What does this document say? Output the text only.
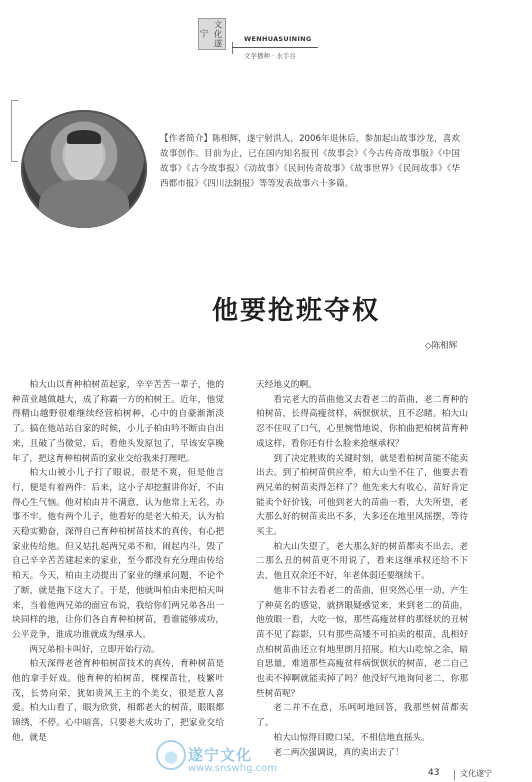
文化遂宁
WENHUASUINING
文学播种 · 水手谷
【作者简介】陈相辉，遂宁射洪人，2006年退休后，参加起山故事沙龙，喜欢故事创作。目前为止，已在国内知名报刊《故事会》《今古传奇故事版》《中国故事》《古今故事报》《动故事》《民间传奇故事》《故事世界》《民间故事》《华西都市报》《四川法制报》等等发表故事六十多篇。
他要抢班夺权
◇陈相辉

柏大山以育种柏树苗起家，辛辛苦苦一辈子，他的种苗业越做越大，成了称霸一方的柏树王。近年，他觉得精山越野很难继续经营柏树种，心中的自豪渐渐淡了。搞在他站站自家的时候，小儿子柏由吟不断由自出来，且破了当微觉，后，看他头发原包了，早该安享晚年了，把这育种柏树苗的家业交给我来打理吧。

柏大山被小儿子打了眼说，很是不爽，但是他言行，便是有着两件：后来，这小子却挖掘讲你好，不由得心生气恼。他对柏由并不满意，认为他常上无名，办事不牢。他有两个儿子，他看好的是老大柏天，认为柏天稳实勤奋，深得自己育种柏树苗技术的真传，有心把家业传给他。但又姑扎起两兄弟不和，闹起内斗，毁了自己辛辛苦苦建起来的家业，至今都没有充分理由传给柏天。今天，柏由主动提出了家业的继承问题，不论个了断，就是拖下这大了。于是，他就叫柏由来把柏天叫来，当着他两兄弟的面宣布说，我给你们两兄弟各出一块同样的地，让你们各自育种柏树苗，看谁能够成功，公平竞争，谁成功谁就成为继承人。

两兄弟相卡叫好，立即开始行动。

柏天深得老爸育种柏树苗技术的真传，育种树苗是他的拿手好戏。他育种的柏树苗，棵棵苗壮，枝繁叶茂，长势向荣，犹如贵风王主的个美女，很是惹人喜爱。柏大山看了，眼为欣赏，相都老大的树苗，眼眼都锦绣，不停。心中暗喜，只要老大成功了，把家业交给他，就是

天经地义的啊。

看完老大的苗曲他又去看老二的苗曲，老二育种的柏树苗，长得高瘦贫样，病恹恹状，且不忍睹。柏大山忍不住叹了口气，心里惋惜地说，你柏曲把柏树苗育种成这样，看你还有什么脸来抢继承权？

到了决定胜败的关键时刻，就是看柏树苗能不能卖出去。到了柏树苗供应季，柏大山坐不住了，他要去看两兄弟的树苗卖得怎样了？他先来大有收心，苗好肯定能卖个好价钱，可他到老大的苗曲一看，大失所望，老大那么好的树苗卖出不多，大多还在地里风摇摆，等待买主。

柏大山失望了，老大那么好的树苗都卖不出去，老二那么丑的树苗更不用说了，看来这继承权还给不下去，他且双余还不好，年老体弱还要继续干。

他非不甘去看老二的苗曲，但突然心里一动，产生了种莫名的感觉，就挤眼疑惑觉来，来到老二的苗曲，他放眼一看，大吃一惊，那些高瘦贫样的那怪状的丑树苗不见了踪影，只有那些高矮不可拍卖的根苗，乱相好点柏树苗曲还立有地里朗月招展。柏大山吃惊之余，暗自思量，难道那些高瘦贫样病恹恹状的树苗，老二自己也卖不掉啊就能卖掉了吗？他没好气地询问老二，你那些树苗呢？

老二并不在意，乐呵呵地回答，我那些树苗都卖了。

柏大山惊得目瞪口呆，不相信地直摇头。

老二两次强调说，真的卖出去了！

遂宁文化
www.snswhg.com	43	文化遂宁
